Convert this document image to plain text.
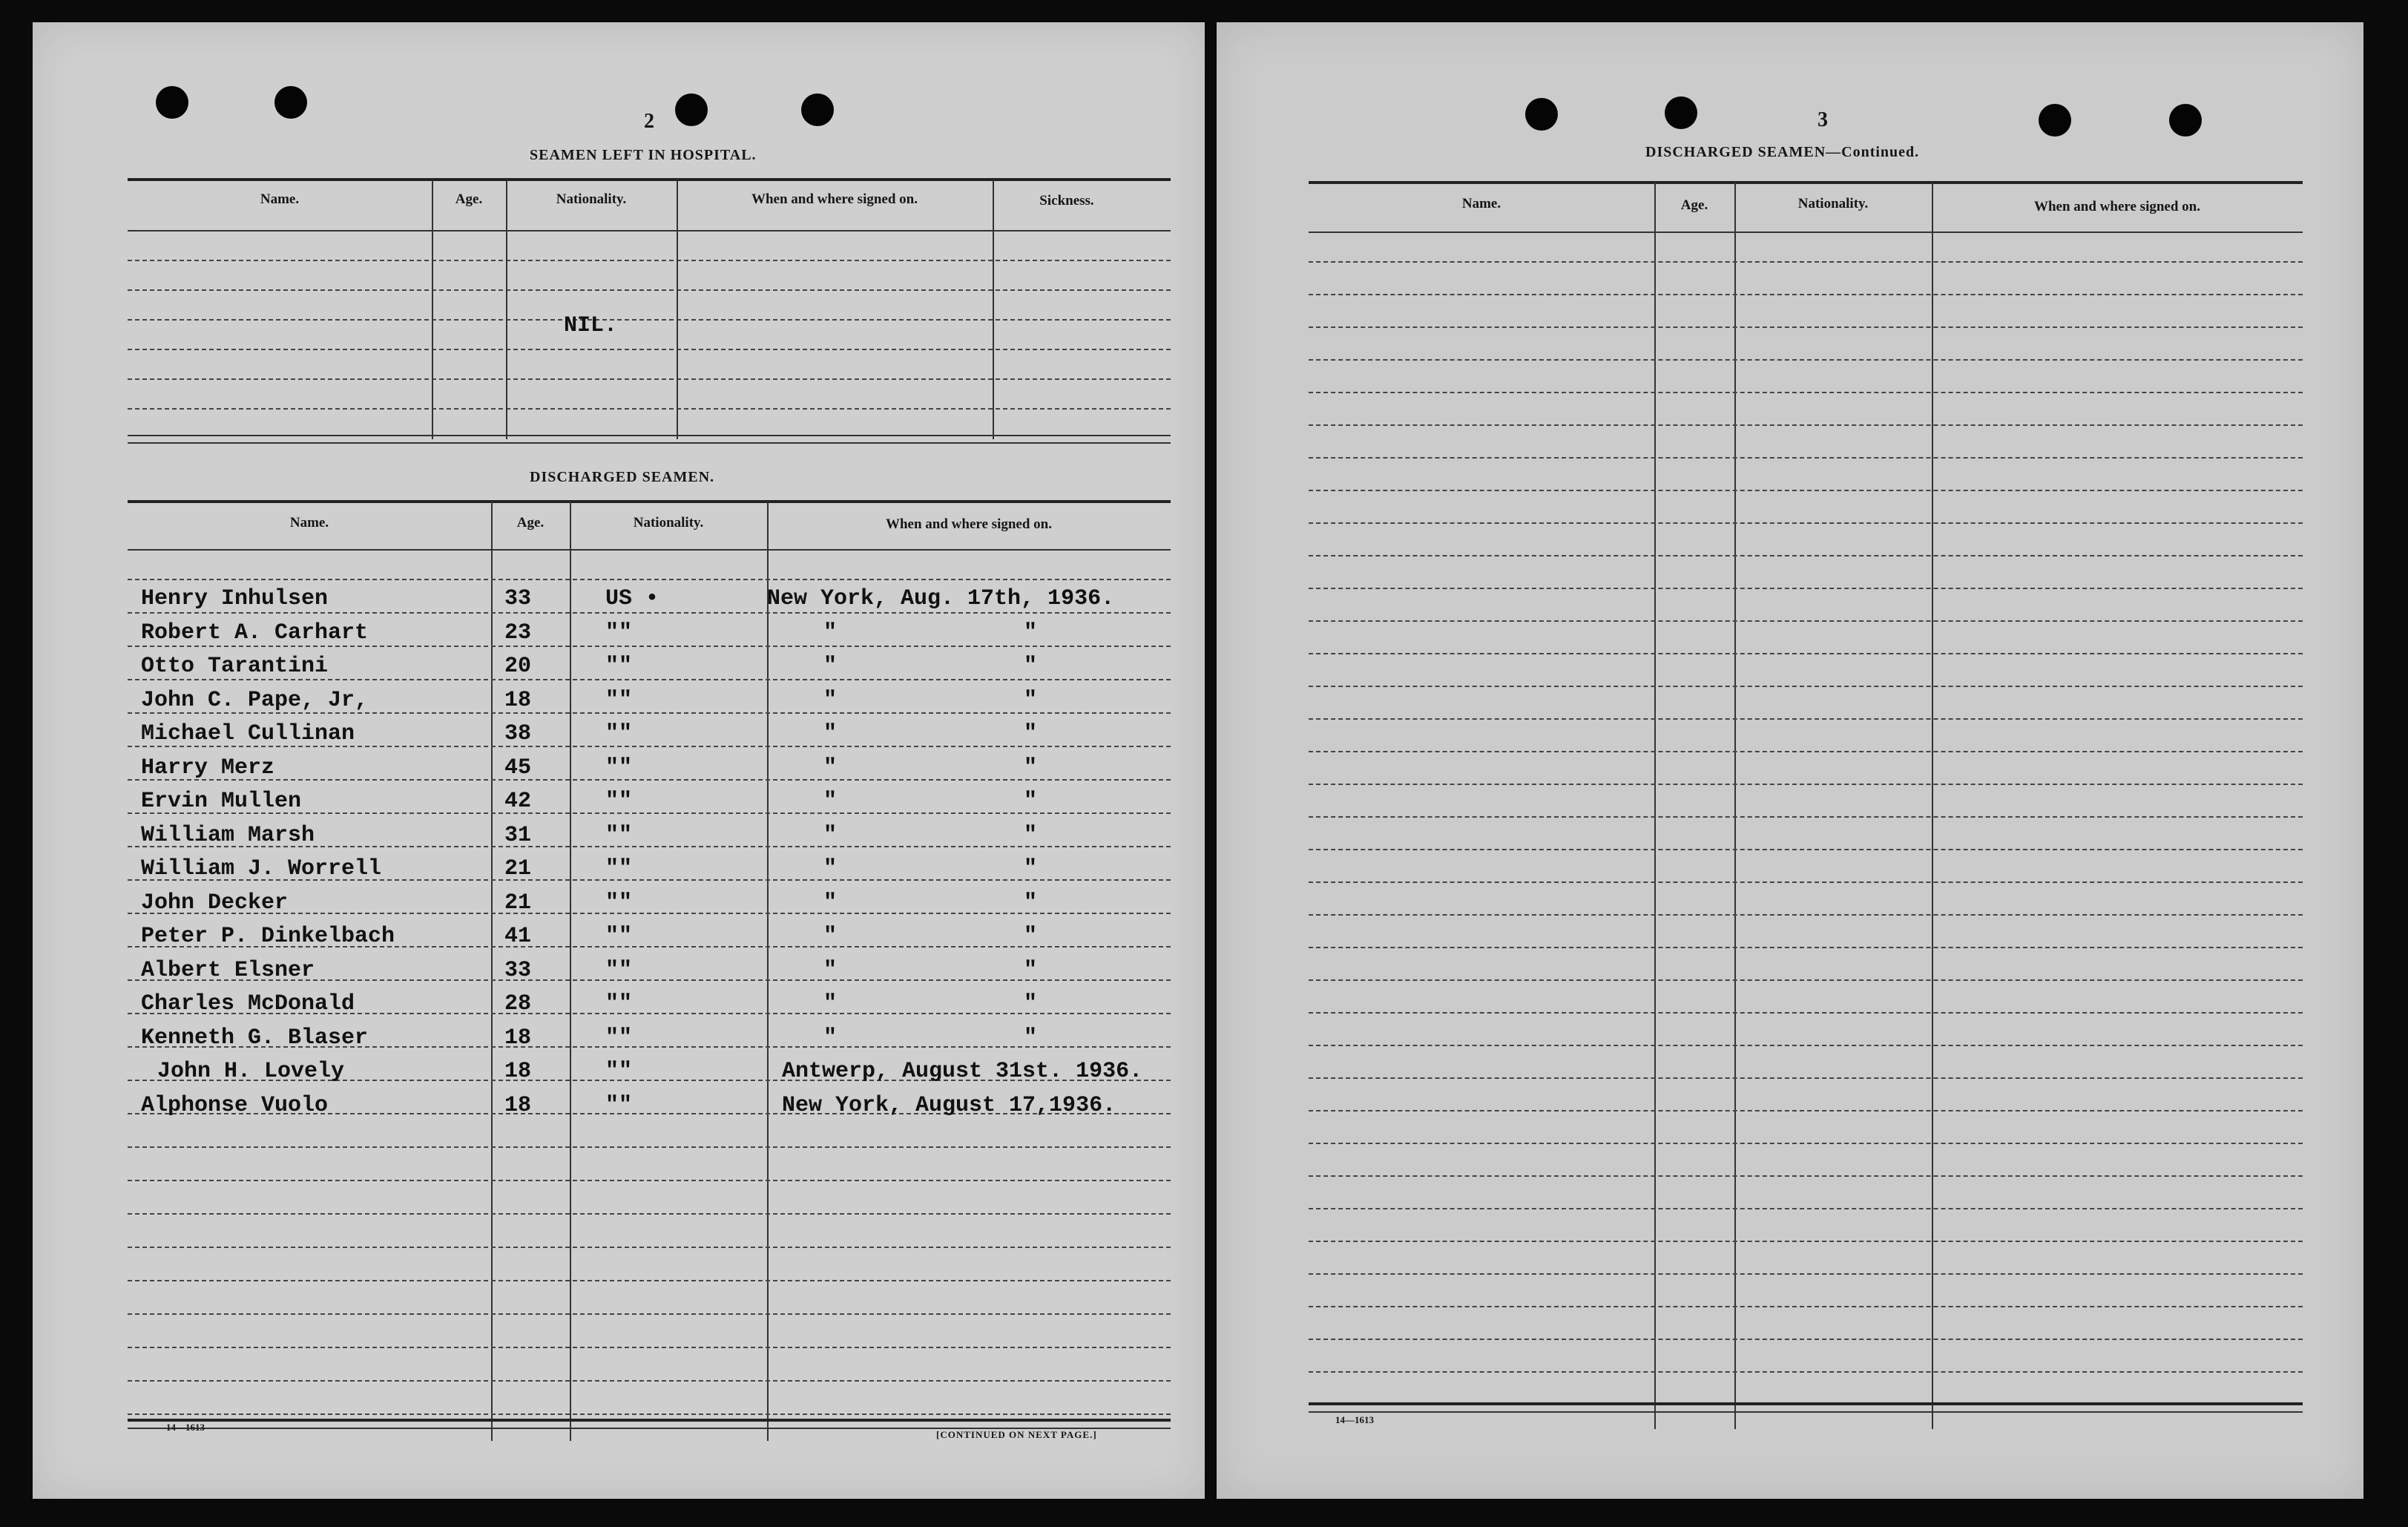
2
SEAMEN LEFT IN HOSPITAL.
Name.	Age.	Nationality.	When and where signed on.	Sickness.
NIL.
DISCHARGED SEAMEN.
Name.	Age.	Nationality.	When and where signed on.
Henry Inhulsen	33	US •	New York, Aug. 17th, 1936.
Robert A. Carhart	23	""	"              "
Otto Tarantini	20	""	"              "
John C. Pape, Jr,	18	""	"              "
Michael Cullinan	38	""	"              "
Harry Merz	45	""	"              "
Ervin Mullen	42	""	"              "
William Marsh	31	""	"              "
William J. Worrell	21	""	"              "
John Decker	21	""	"              "
Peter P. Dinkelbach	41	""	"              "
Albert Elsner	33	""	"              "
Charles McDonald	28	""	"              "
Kenneth G. Blaser	18	""	"              "
John H. Lovely	18	""	Antwerp, August 31st. 1936.
Alphonse Vuolo	18	""	New York, August 17,1936.
14—1613
[CONTINUED ON NEXT PAGE.]
3
DISCHARGED SEAMEN—Continued.
Name.	Age.	Nationality.	When and where signed on.
14—1613
